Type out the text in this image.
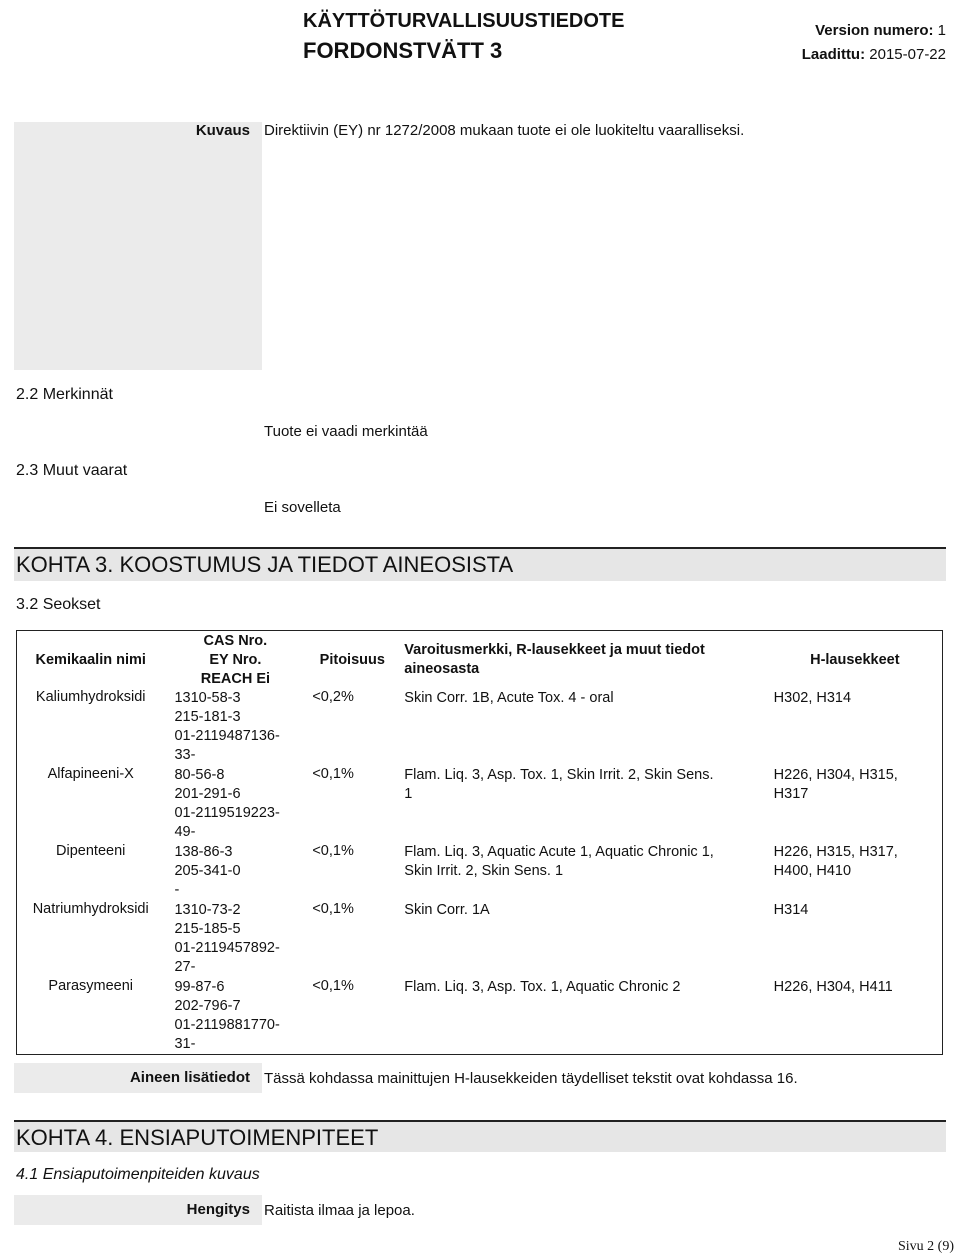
KÄYTTÖTURVALLISUUSTIEDOTE
FORDONSTVÄTT 3
Version numero: 1
Laadittu: 2015-07-22
Kuvaus Direktiivin (EY) nr 1272/2008 mukaan tuote ei ole luokiteltu vaaralliseksi.
2.2 Merkinnät
Tuote ei vaadi merkintää
2.3 Muut vaarat
Ei sovelleta
KOHTA 3. KOOSTUMUS JA TIEDOT AINEOSISTA
3.2 Seokset
Kemikaalin nimi	CAS Nro.
EY Nro.
REACH Ei	Pitoisuus	Varoitusmerkki, R-lausekkeet ja muut tiedot aineosasta	H-lausekkeet
Kaliumhydroksidi	1310-58-3
215-181-3
01-2119487136-
33-	<0,2%	Skin Corr. 1B, Acute Tox. 4 - oral	H302, H314
Alfapineeni-X	80-56-8
201-291-6
01-2119519223-
49-	<0,1%	Flam. Liq. 3, Asp. Tox. 1, Skin Irrit. 2, Skin Sens.
1	H226, H304, H315,
H317
Dipenteeni	138-86-3
205-341-0
-	<0,1%	Flam. Liq. 3, Aquatic Acute 1, Aquatic Chronic 1,
Skin Irrit. 2, Skin Sens. 1	H226, H315, H317,
H400, H410
Natriumhydroksidi	1310-73-2
215-185-5
01-2119457892-
27-	<0,1%	Skin Corr. 1A	H314
Parasymeeni	99-87-6
202-796-7
01-2119881770-
31-	<0,1%	Flam. Liq. 3, Asp. Tox. 1, Aquatic Chronic 2	H226, H304, H411
Aineen lisätiedot Tässä kohdassa mainittujen H-lausekkeiden täydelliset tekstit ovat kohdassa 16.
KOHTA 4. ENSIAPUTOIMENPITEET
4.1 Ensiaputoimenpiteiden kuvaus
Hengitys Raitista ilmaa ja lepoa.
Sivu 2 (9)
